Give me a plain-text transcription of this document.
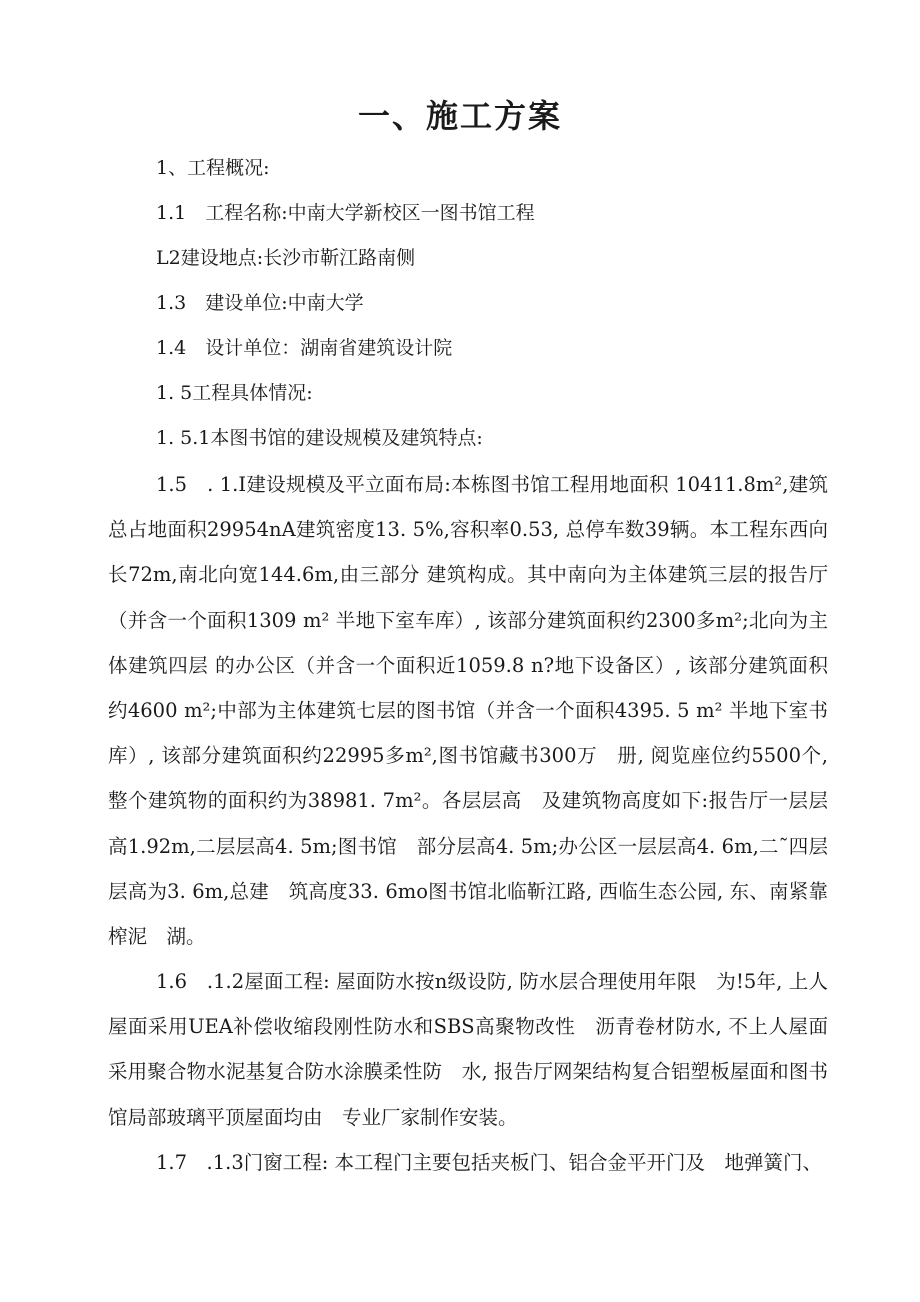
一、施工方案
1、工程概况:
1.1　工程名称:中南大学新校区一图书馆工程
L2建设地点:长沙市靳江路南侧
1.3　建设单位:中南大学
1.4　设计单位：湖南省建筑设计院
1. 5工程具体情况:
1. 5.1本图书馆的建设规模及建筑特点:
1.5　. 1.I建设规模及平立面布局:本栋图书馆工程用地面积 10411.8m²,建筑总占地面积29954nA建筑密度13. 5%,容积率0.53, 总停车数39辆。本工程东西向长72m,南北向宽144.6m,由三部分 建筑构成。其中南向为主体建筑三层的报告厅（并含一个面积1309 m² 半地下室车库）, 该部分建筑面积约2300多m²;北向为主体建筑四层 的办公区（并含一个面积近1059.8 n?地下设备区）, 该部分建筑面积　约4600 m²;中部为主体建筑七层的图书馆（并含一个面积4395. 5 m² 半地下室书库）, 该部分建筑面积约22995多m²,图书馆藏书300万　册, 阅览座位约5500个, 整个建筑物的面积约为38981. 7m²。各层层高　及建筑物高度如下:报告厅一层层高1.92m,二层层高4. 5m;图书馆　部分层高4. 5m;办公区一层层高4. 6m,二˜四层层高为3. 6m,总建　筑高度33. 6mo图书馆北临靳江路, 西临生态公园, 东、南紧靠榨泥　湖。
1.6　.1.2屋面工程: 屋面防水按n级设防, 防水层合理使用年限　为!5年, 上人屋面采用UEA补偿收缩段刚性防水和SBS高聚物改性　沥青卷材防水, 不上人屋面采用聚合物水泥基复合防水涂膜柔性防　水, 报告厅网架结构复合铝塑板屋面和图书馆局部玻璃平顶屋面均由　专业厂家制作安装。
1.7　.1.3门窗工程: 本工程门主要包括夹板门、铝合金平开门及　地弹簧门、
